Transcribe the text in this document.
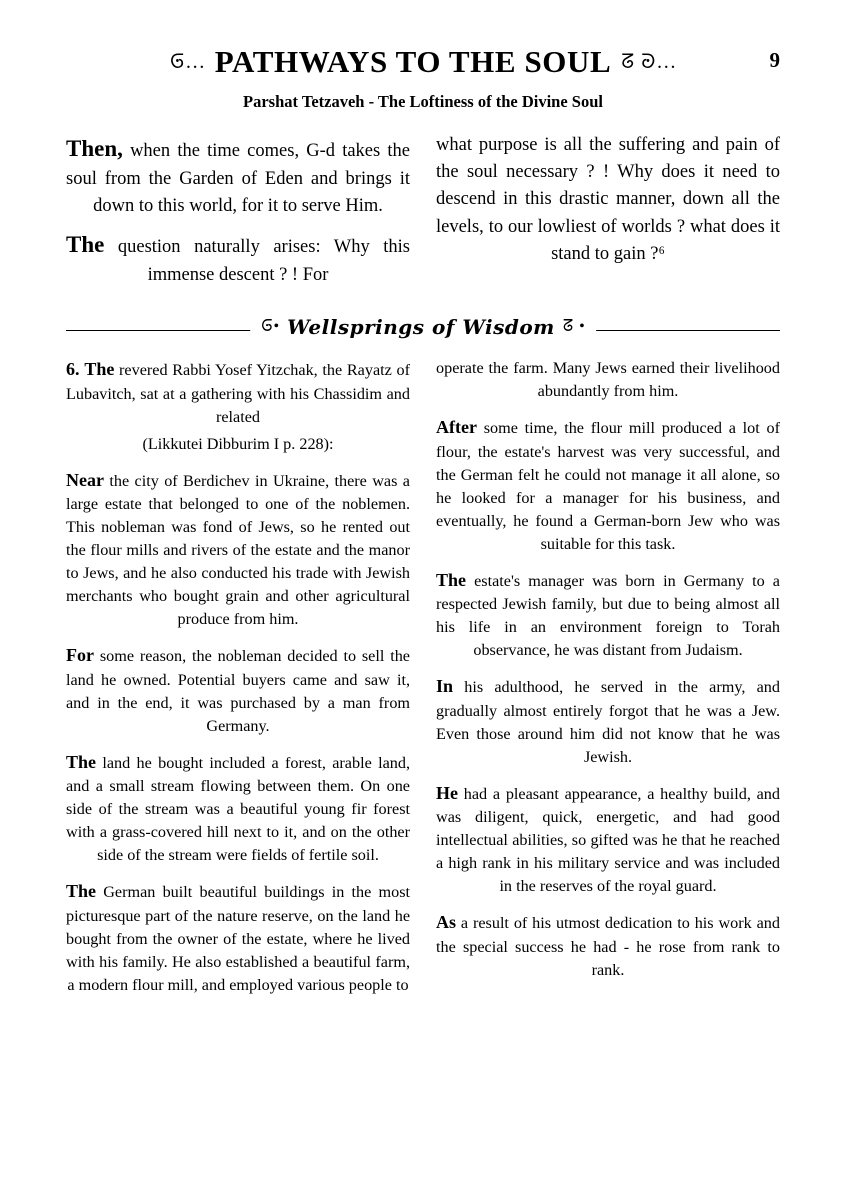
…ᘒ PATHWAYS TO THE SOUL ᘔ ᘒ…	9
Parshat Tetzaveh - The Loftiness of the Divine Soul

Then, when the time comes, G-d takes the soul from the Garden of Eden and brings it down to this world, for it to serve Him.

The question naturally arises: Why this immense descent ? ! For

what purpose is all the suffering and pain of the soul necessary ? ! Why does it need to descend in this drastic manner, down all the levels, to our lowliest of worlds ? what does it stand to gain ?⁶

•ᘒ Wellsprings of Wisdom ᘔ •

6. The revered Rabbi Yosef Yitzchak, the Rayatz of Lubavitch, sat at a gathering with his Chassidim and related

(Likkutei Dibburim I p. 228):

Near the city of Berdichev in Ukraine, there was a large estate that belonged to one of the noblemen. This nobleman was fond of Jews, so he rented out the flour mills and rivers of the estate and the manor to Jews, and he also conducted his trade with Jewish merchants who bought grain and other agricultural produce from him.

For some reason, the nobleman decided to sell the land he owned. Potential buyers came and saw it, and in the end, it was purchased by a man from Germany.

The land he bought included a forest, arable land, and a small stream flowing between them. On one side of the stream was a beautiful young fir forest with a grass-covered hill next to it, and on the other side of the stream were fields of fertile soil.

The German built beautiful buildings in the most picturesque part of the nature reserve, on the land he bought from the owner of the estate, where he lived with his family. He also established a beautiful farm, a modern flour mill, and employed various people to

operate the farm. Many Jews earned their livelihood abundantly from him.

After some time, the flour mill produced a lot of flour, the estate's harvest was very successful, and the German felt he could not manage it all alone, so he looked for a manager for his business, and eventually, he found a German-born Jew who was suitable for this task.

The estate's manager was born in Germany to a respected Jewish family, but due to being almost all his life in an environment foreign to Torah observance, he was distant from Judaism.

In his adulthood, he served in the army, and gradually almost entirely forgot that he was a Jew. Even those around him did not know that he was Jewish.

He had a pleasant appearance, a healthy build, and was diligent, quick, energetic, and had good intellectual abilities, so gifted was he that he reached a high rank in his military service and was included in the reserves of the royal guard.

As a result of his utmost dedication to his work and the special success he had - he rose from rank to rank.
